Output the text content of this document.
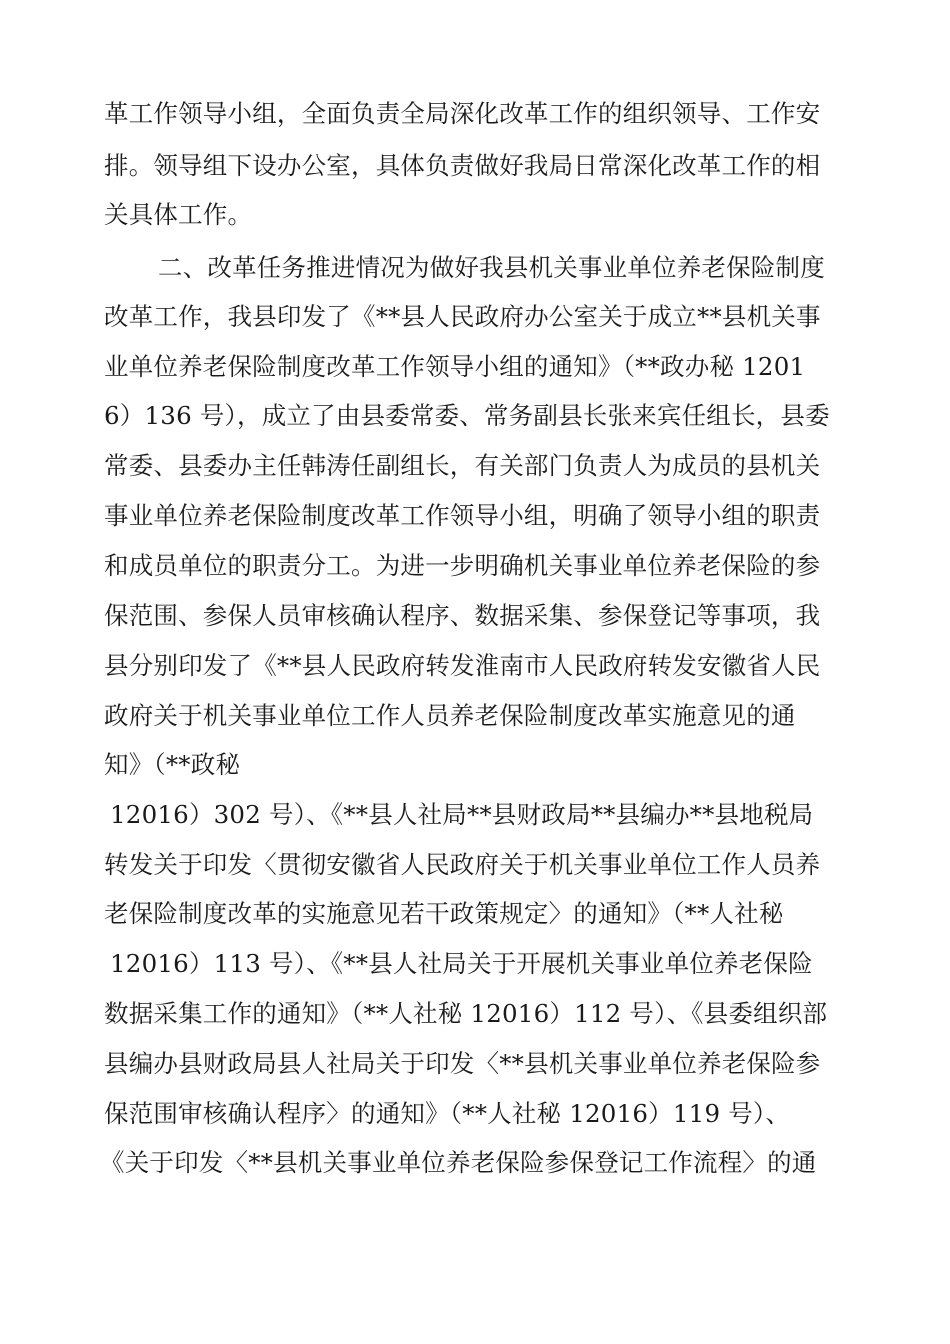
革工作领导小组，全面负责全局深化改革工作的组织领导、工作安
排。领导组下设办公室，具体负责做好我局日常深化改革工作的相
关具体工作。
二、改革任务推进情况为做好我县机关事业单位养老保险制度
改革工作，我县印发了《**县人民政府办公室关于成立**县机关事
业单位养老保险制度改革工作领导小组的通知》（**政办秘 1201
6）136 号），成立了由县委常委、常务副县长张来宾任组长，县委
常委、县委办主任韩涛任副组长，有关部门负责人为成员的县机关
事业单位养老保险制度改革工作领导小组，明确了领导小组的职责
和成员单位的职责分工。为进一步明确机关事业单位养老保险的参
保范围、参保人员审核确认程序、数据采集、参保登记等事项，我
县分别印发了《**县人民政府转发淮南市人民政府转发安徽省人民
政府关于机关事业单位工作人员养老保险制度改革实施意见的通
知》（**政秘
12016）302 号）、《**县人社局**县财政局**县编办**县地税局
转发关于印发〈贯彻安徽省人民政府关于机关事业单位工作人员养
老保险制度改革的实施意见若干政策规定〉的通知》（**人社秘
12016）113 号）、《**县人社局关于开展机关事业单位养老保险
数据采集工作的通知》（**人社秘 12016）112 号）、《县委组织部
县编办县财政局县人社局关于印发〈**县机关事业单位养老保险参
保范围审核确认程序〉的通知》（**人社秘 12016）119 号）、
《关于印发〈**县机关事业单位养老保险参保登记工作流程〉的通
